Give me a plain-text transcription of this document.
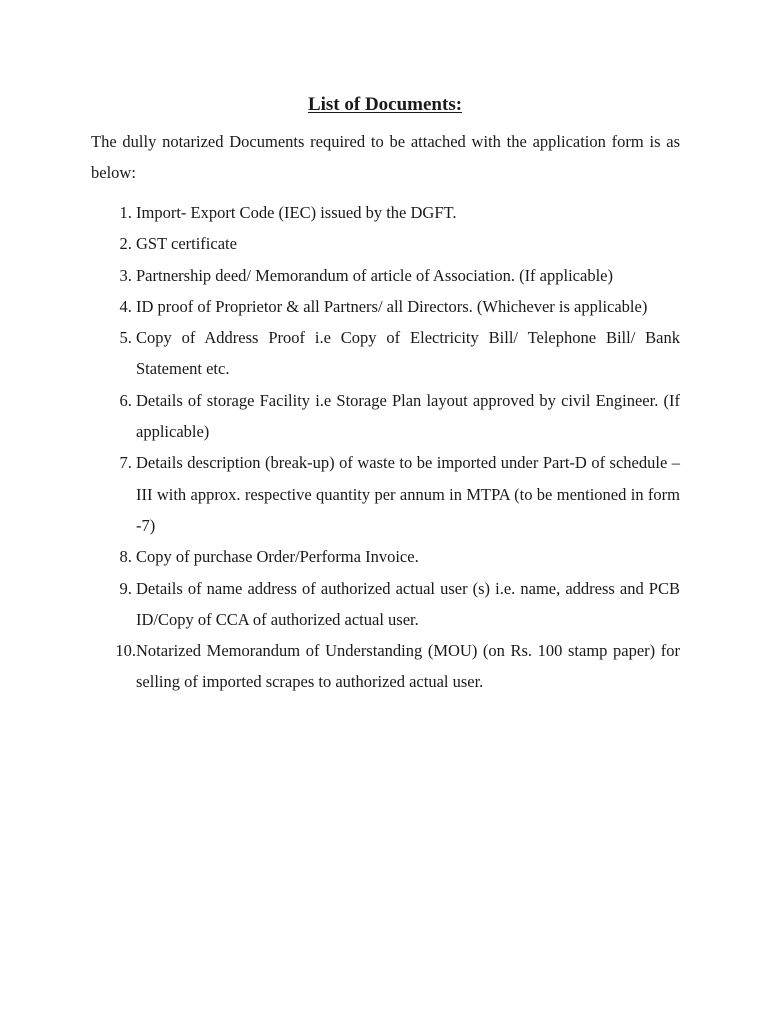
List of Documents:

The dully notarized Documents required to be attached with the application form is as below:

1. Import- Export Code (IEC) issued by the DGFT.
2. GST certificate
3. Partnership deed/ Memorandum of article of Association. (If applicable)
4. ID proof of Proprietor & all Partners/ all Directors. (Whichever is applicable)
5. Copy of Address Proof i.e Copy of Electricity Bill/ Telephone Bill/ Bank Statement etc.
6. Details of storage Facility i.e Storage Plan layout approved by civil Engineer. (If applicable)
7. Details description (break-up) of waste to be imported under Part-D of schedule – III with approx. respective quantity per annum in MTPA (to be mentioned in form -7)
8. Copy of purchase Order/Performa Invoice.
9. Details of name address of authorized actual user (s) i.e. name, address and PCB ID/Copy of CCA of authorized actual user.
10. Notarized Memorandum of Understanding (MOU) (on Rs. 100 stamp paper) for selling of imported scrapes to authorized actual user.
